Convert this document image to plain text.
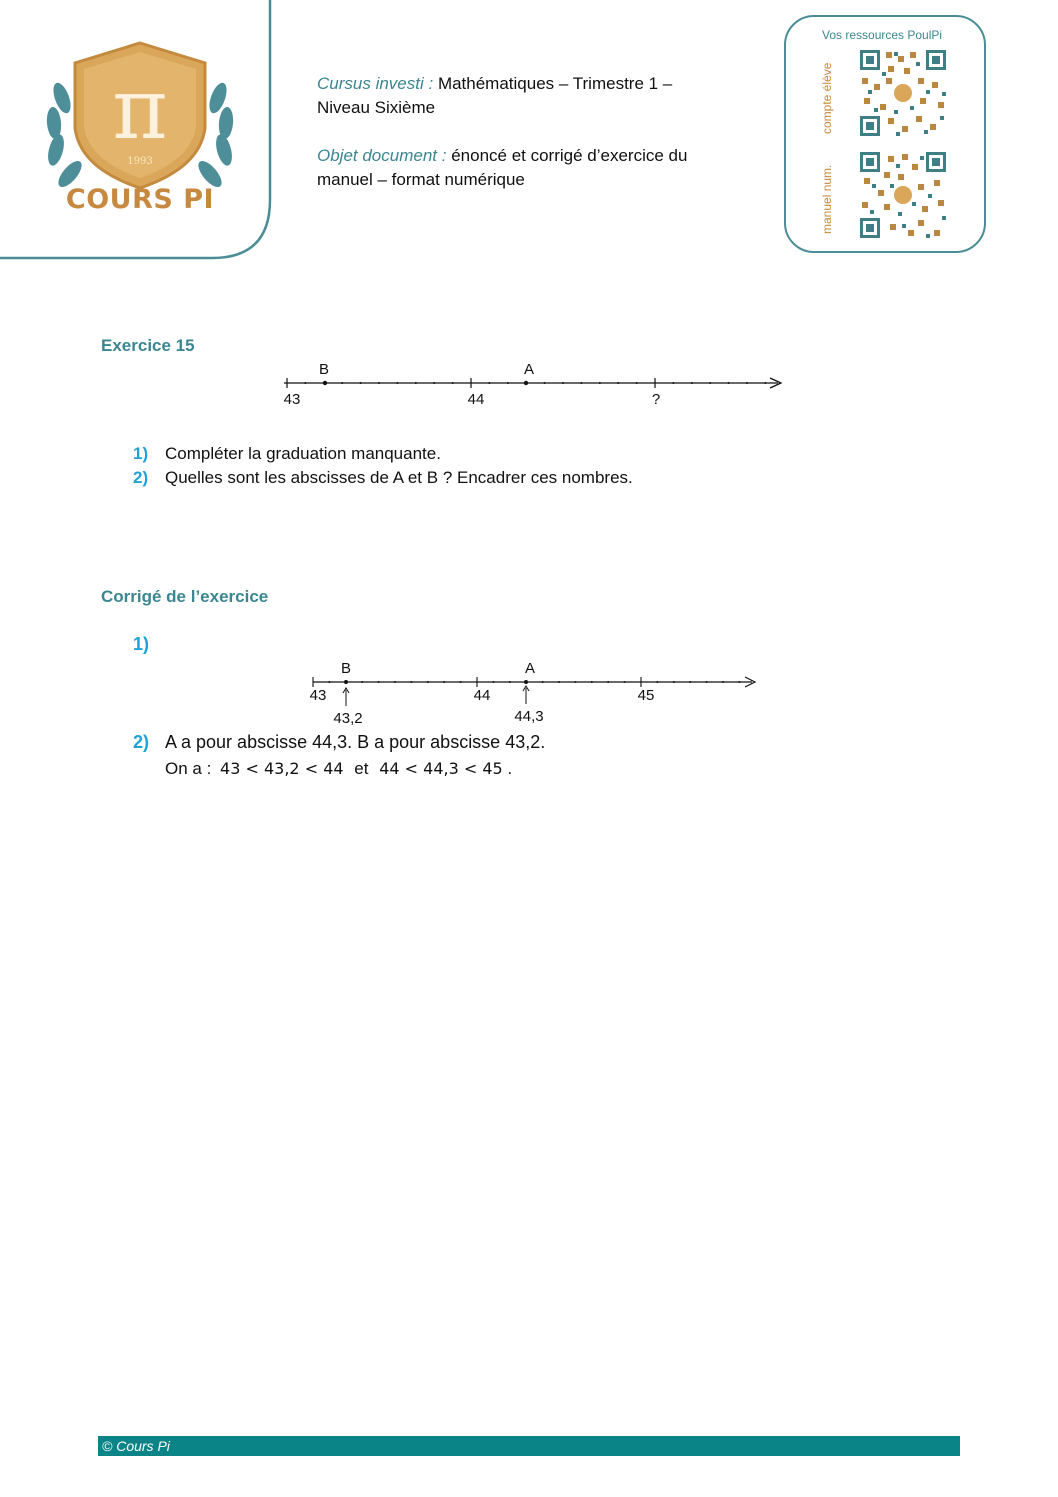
π
1993
COURS PI
Cursus investi : Mathématiques – Trimestre 1 –
Niveau Sixième
Objet document : énoncé et corrigé d’exercice du
manuel – format numérique
Vos ressources PoulPi
compte élève
manuel num.
Exercice 15
B	A
43	44	?
1) Compléter la graduation manquante.
2) Quelles sont les abscisses de A et B ? Encadrer ces nombres.
Corrigé de l’exercice
1)
B	A
43	44	45
43,2	44,3
2) A a pour abscisse 44,3. B a pour abscisse 43,2.
On a : 43 < 43,2 < 44 et 44 < 44,3 < 45 .
© Cours Pi
